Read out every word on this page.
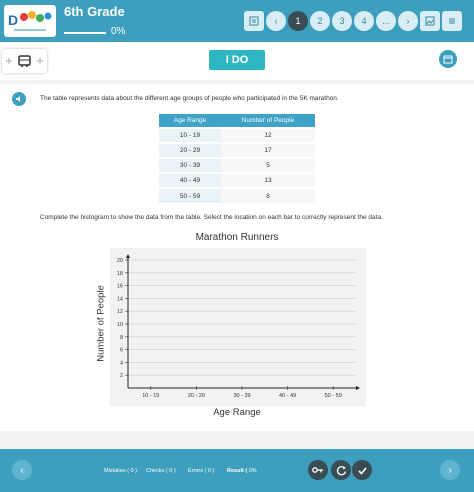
D
6th Grade
0%
‹ 1 2 3 4 ... ›
I DO
The table represents data about the different age groups of people who participated in the 5K marathon.
Age Range	Number of People
10 - 19	12
20 - 29	17
30 - 39	5
40 - 49	13
50 - 59	8
Complete the histogram to show the data from the table. Select the location on each bar to correctly represent the data.
Marathon Runners
2
4
6
8
10
12
14
16
18
20
10 - 19	20 - 29	30 - 39	40 - 49	50 - 59
Number of People
Age Range
‹	Mistakes ( 0 ) Checks ( 0 ) Errors ( 0 ) Result ( 0%	›
